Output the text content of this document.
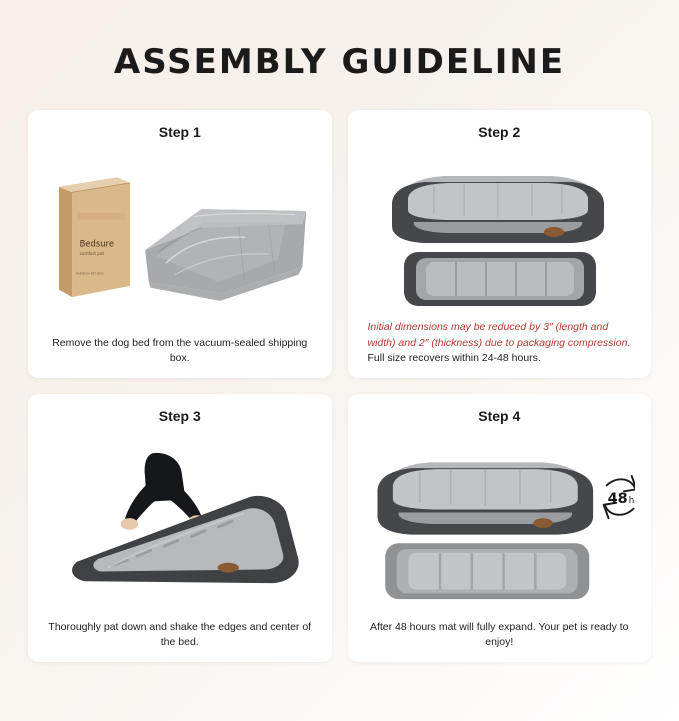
ASSEMBLY GUIDELINE
Step 1
Bedsure
comfort pet
PREMIUM PET BED
Remove the dog bed from the vacuum-sealed shipping box.
Step 2
Initial dimensions may be reduced by 3″ (length and width) and 2″ (thickness) due to packaging compression. Full size recovers within 24-48 hours.
Step 3
Thoroughly pat down and shake the edges and center of the bed.
Step 4
48 h
After 48 hours mat will fully expand. Your pet is ready to enjoy!
